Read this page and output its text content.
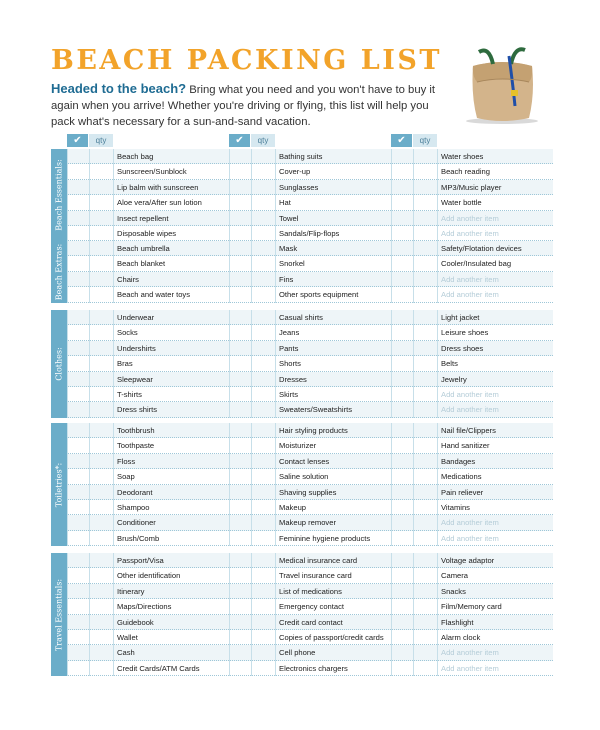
BEACH PACKING LIST

Headed to the beach? Bring what you need and you won't have to buy it again when you arrive! Whether you're driving or flying, this list will help you pack what's necessary for a sun-and-sand vacation.

✔	qty	✔	qty	✔	qty
Beach Essentials:
Beach bag	Bathing suits	Water shoes
Sunscreen/Sunblock	Cover-up	Beach reading
Lip balm with sunscreen	Sunglasses	MP3/Music player
Aloe vera/After sun lotion	Hat	Water bottle
Insect repellent	Towel	Add another item
Disposable wipes	Sandals/Flip-flops	Add another item
Beach Extras:	Beach umbrella	Mask	Safety/Flotation devices
Beach blanket	Snorkel	Cooler/Insulated bag
Chairs	Fins	Add another item
Beach and water toys	Other sports equipment	Add another item
Clothes:
Underwear	Casual shirts	Light jacket
Socks	Jeans	Leisure shoes
Undershirts	Pants	Dress shoes
Bras	Shorts	Belts
Sleepwear	Dresses	Jewelry
T-shirts	Skirts	Add another item
Dress shirts	Sweaters/Sweatshirts	Add another item
Toiletries*:
Toothbrush	Hair styling products	Nail file/Clippers
Toothpaste	Moisturizer	Hand sanitizer
Floss	Contact lenses	Bandages
Soap	Saline solution	Medications
Deodorant	Shaving supplies	Pain reliever
Shampoo	Makeup	Vitamins
Conditioner	Makeup remover	Add another item
Brush/Comb	Feminine hygiene products	Add another item
Travel Essentials:
Passport/Visa	Medical insurance card	Voltage adaptor
Other identification	Travel insurance card	Camera
Itinerary	List of medications	Snacks
Maps/Directions	Emergency contact	Film/Memory card
Guidebook	Credit card contact	Flashlight
Wallet	Copies of passport/credit cards	Alarm clock
Cash	Cell phone	Add another item
Credit Cards/ATM Cards	Electronics chargers	Add another item
